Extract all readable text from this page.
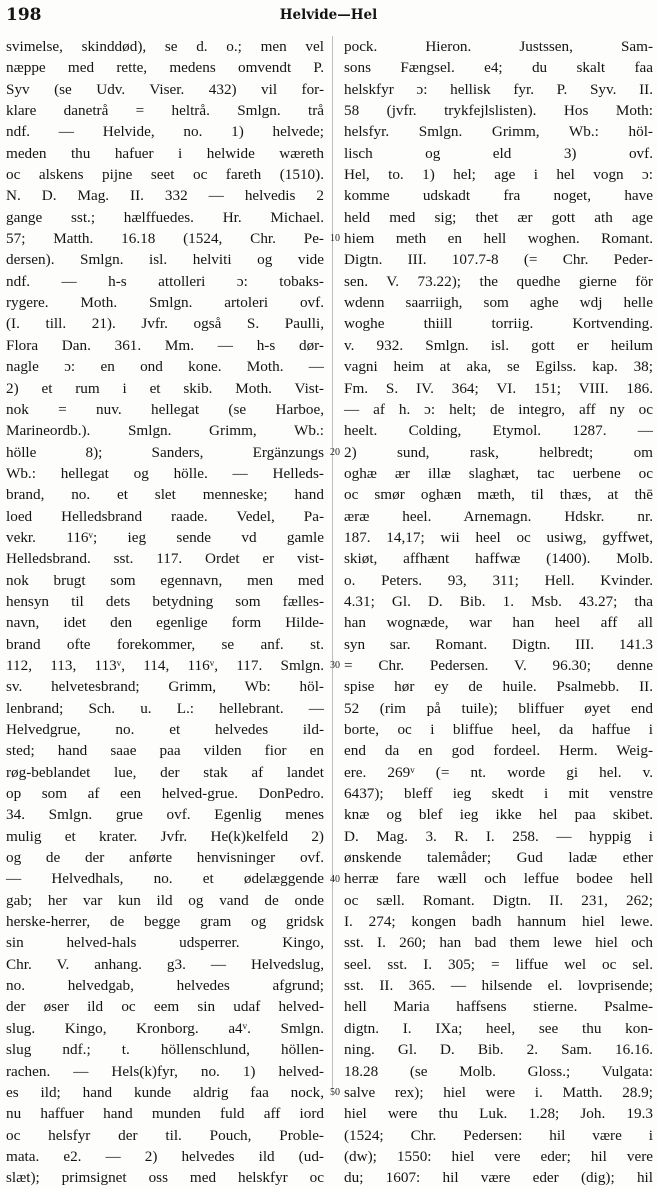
198	Helvide—Hel
10
20
30
40
50
svimelse, skinddød), se d. o.; men vel
næppe med rette, medens omvendt P.
Syv (se Udv. Viser. 432) vil for-
klare danetrå = heltrå. Smlgn. trå
ndf. — Helvide, no. 1) helvede;
meden thu hafuer i helwide wæreth
oc alskens pijne seet oc fareth (1510).
N. D. Mag. II. 332 — helvedis 2
gange sst.; hælffuedes. Hr. Michael.
57; Matth. 16.18 (1524, Chr. Pe-
dersen). Smlgn. isl. helviti og vide
ndf. — h-s attolleri ɔ: tobaks-
rygere. Moth. Smlgn. artoleri ovf.
(I. till. 21). Jvfr. også S. Paulli,
Flora Dan. 361. Mm. — h-s dør-
nagle ɔ: en ond kone. Moth. —
2) et rum i et skib. Moth. Vist-
nok = nuv. hellegat (se Harboe,
Marineordb.). Smlgn. Grimm, Wb.:
hölle 8); Sanders, Ergänzungs
Wb.: hellegat og hölle. — Helleds-
brand, no. et slet menneske; hand
loed Helledsbrand raade. Vedel, Pa-
vekr. 116ᵛ; ieg sende vd gamle
Helledsbrand. sst. 117. Ordet er vist-
nok brugt som egennavn, men med
hensyn til dets betydning som fælles-
navn, idet den egenlige form Hilde-
brand ofte forekommer, se anf. st.
112, 113, 113ᵛ, 114, 116ᵛ, 117. Smlgn.
sv. helvetesbrand; Grimm, Wb: höl-
lenbrand; Sch. u. L.: hellebrant. —
Helvedgrue, no. et helvedes ild-
sted; hand saae paa vilden fior en
røg-beblandet lue, der stak af landet
op som af een helved-grue. DonPedro.
34. Smlgn. grue ovf. Egenlig menes
mulig et krater. Jvfr. He(k)kelfeld 2)
og de der anførte henvisninger ovf.
— Helvedhals, no. et ødelæggende
gab; her var kun ild og vand de onde
herske-herrer, de begge gram og gridsk
sin helved-hals udsperrer. Kingo,
Chr. V. anhang. g3. — Helvedslug,
no. helvedgab, helvedes afgrund;
der øser ild oc eem sin udaf helved-
slug. Kingo, Kronborg. a4ᵛ. Smlgn.
slug ndf.; t. höllenschlund, höllen-
rachen. — Hels(k)fyr, no. 1) helved-
es ild; hand kunde aldrig faa nock,
nu haffuer hand munden fuld aff iord
oc helsfyr der til. Pouch, Proble-
mata. e2. — 2) helvedes ild (ud-
slæt); primsignet oss med helskfyr oc
pock. Hieron. Justssen, Sam-
sons Fængsel. e4; du skalt faa
helskfyr ɔ: hellisk fyr. P. Syv. II.
58 (jvfr. trykfejlslisten). Hos Moth:
helsfyr. Smlgn. Grimm, Wb.: höl-
lisch og eld 3) ovf.
Hel, to. 1) hel; age i hel vogn ɔ:
komme udskadt fra noget, have
held med sig; thet ær gott ath age
hiem meth en hell woghen. Romant.
Digtn. III. 107.7-8 (= Chr. Peder-
sen. V. 73.22); the quedhe gierne för
wdenn saarriigh, som aghe wdj helle
woghe thiill torriig. Kortvending.
v. 932. Smlgn. isl. gott er heilum
vagni heim at aka, se Egilss. kap. 38;
Fm. S. IV. 364; VI. 151; VIII. 186.
— af h. ɔ: helt; de integro, aff ny oc
heelt. Colding, Etymol. 1287. —
2) sund, rask, helbredt; om
oghæ ær illæ slaghæt, tac uerbene oc
oc smør oghæn mæth, til thæs, at thē
æræ heel. Arnemagn. Hdskr. nr.
187. 14,17; wii heel oc usiwg, gyffwet,
skiøt, affhænt haffwæ (1400). Molb.
o. Peters. 93, 311; Hell. Kvinder.
4.31; Gl. D. Bib. 1. Msb. 43.27; tha
han wognæde, war han heel aff all
syn sar. Romant. Digtn. III. 141.3
= Chr. Pedersen. V. 96.30; denne
spise hør ey de huile. Psalmebb. II.
52 (rim på tuile); bliffuer øyet end
borte, oc i bliffue heel, da haffue i
end da en god fordeel. Herm. Weig-
ere. 269ᵛ (= nt. worde gi hel. v.
6437); bleff ieg skedt i mit venstre
knæ og blef ieg ikke hel paa skibet.
D. Mag. 3. R. I. 258. — hyppig i
ønskende talemåder; Gud ladæ ether
herræ fare wæll och leffue bodee hell
oc sæll. Romant. Digtn. II. 231, 262;
I. 274; kongen badh hannum hiel lewe.
sst. I. 260; han bad them lewe hiel och
seel. sst. I. 305; = liffue wel oc sel.
sst. II. 365. — hilsende el. lovprisende;
hell Maria haffsens stierne. Psalme-
digtn. I. IXa; heel, see thu kon-
ning. Gl. D. Bib. 2. Sam. 16.16.
18.28 (se Molb. Gloss.; Vulgata:
salve rex); hiel were i. Matth. 28.9;
hiel were thu Luk. 1.28; Joh. 19.3
(1524; Chr. Pedersen: hil være i
(dw); 1550: hiel vere eder; hil vere
du; 1607: hil være eder (dig); hil
